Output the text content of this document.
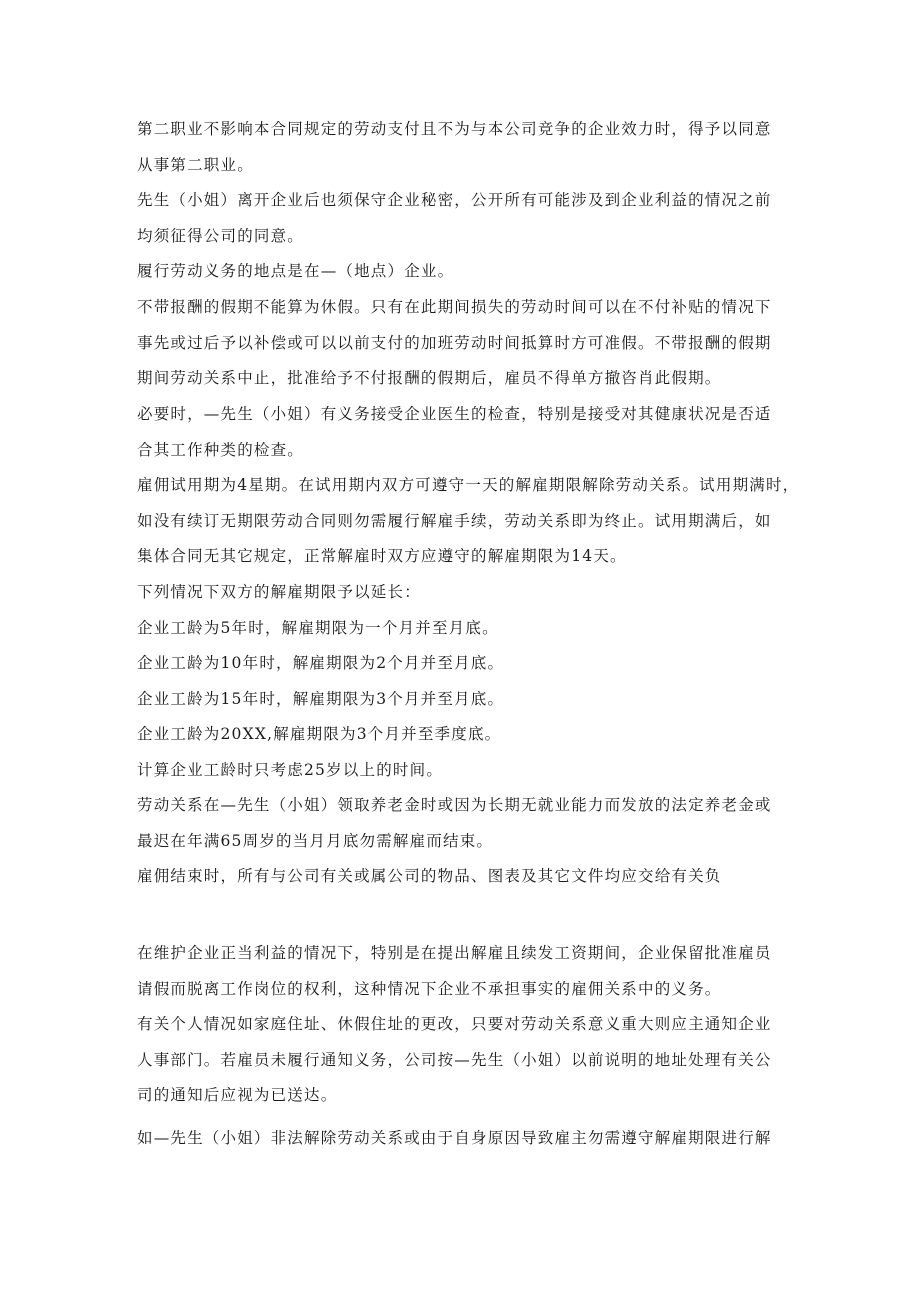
第二职业不影响本合同规定的劳动支付且不为与本公司竞争的企业效力时，得予以同意
从事第二职业。
先生（小姐）离开企业后也须保守企业秘密，公开所有可能涉及到企业利益的情况之前
均须征得公司的同意。
履行劳动义务的地点是在—（地点）企业。
不带报酬的假期不能算为休假。只有在此期间损失的劳动时间可以在不付补贴的情况下
事先或过后予以补偿或可以以前支付的加班劳动时间抵算时方可准假。不带报酬的假期
期间劳动关系中止，批准给予不付报酬的假期后，雇员不得单方撤咨肖此假期。
必要时，—先生（小姐）有义务接受企业医生的检查，特别是接受对其健康状况是否适
合其工作种类的检查。
雇佣试用期为4星期。在试用期内双方可遵守一天的解雇期限解除劳动关系。试用期满时，
如没有续订无期限劳动合同则勿需履行解雇手续，劳动关系即为终止。试用期满后，如
集体合同无其它规定，正常解雇时双方应遵守的解雇期限为14天。
下列情况下双方的解雇期限予以延长：
企业工龄为5年时，解雇期限为一个月并至月底。
企业工龄为10年时，解雇期限为2个月并至月底。
企业工龄为15年时，解雇期限为3个月并至月底。
企业工龄为20XX,解雇期限为3个月并至季度底。
计算企业工龄时只考虑25岁以上的时间。
劳动关系在—先生（小姐）领取养老金时或因为长期无就业能力而发放的法定养老金或
最迟在年满65周岁的当月月底勿需解雇而结束。
雇佣结束时，所有与公司有关或属公司的物品、图表及其它文件均应交给有关负
在维护企业正当利益的情况下，特别是在提出解雇且续发工资期间，企业保留批准雇员
请假而脱离工作岗位的权利，这种情况下企业不承担事实的雇佣关系中的义务。
有关个人情况如家庭住址、休假住址的更改，只要对劳动关系意义重大则应主通知企业
人事部门。若雇员未履行通知义务，公司按—先生（小姐）以前说明的地址处理有关公
司的通知后应视为已送达。
如—先生（小姐）非法解除劳动关系或由于自身原因导致雇主勿需遵守解雇期限进行解
